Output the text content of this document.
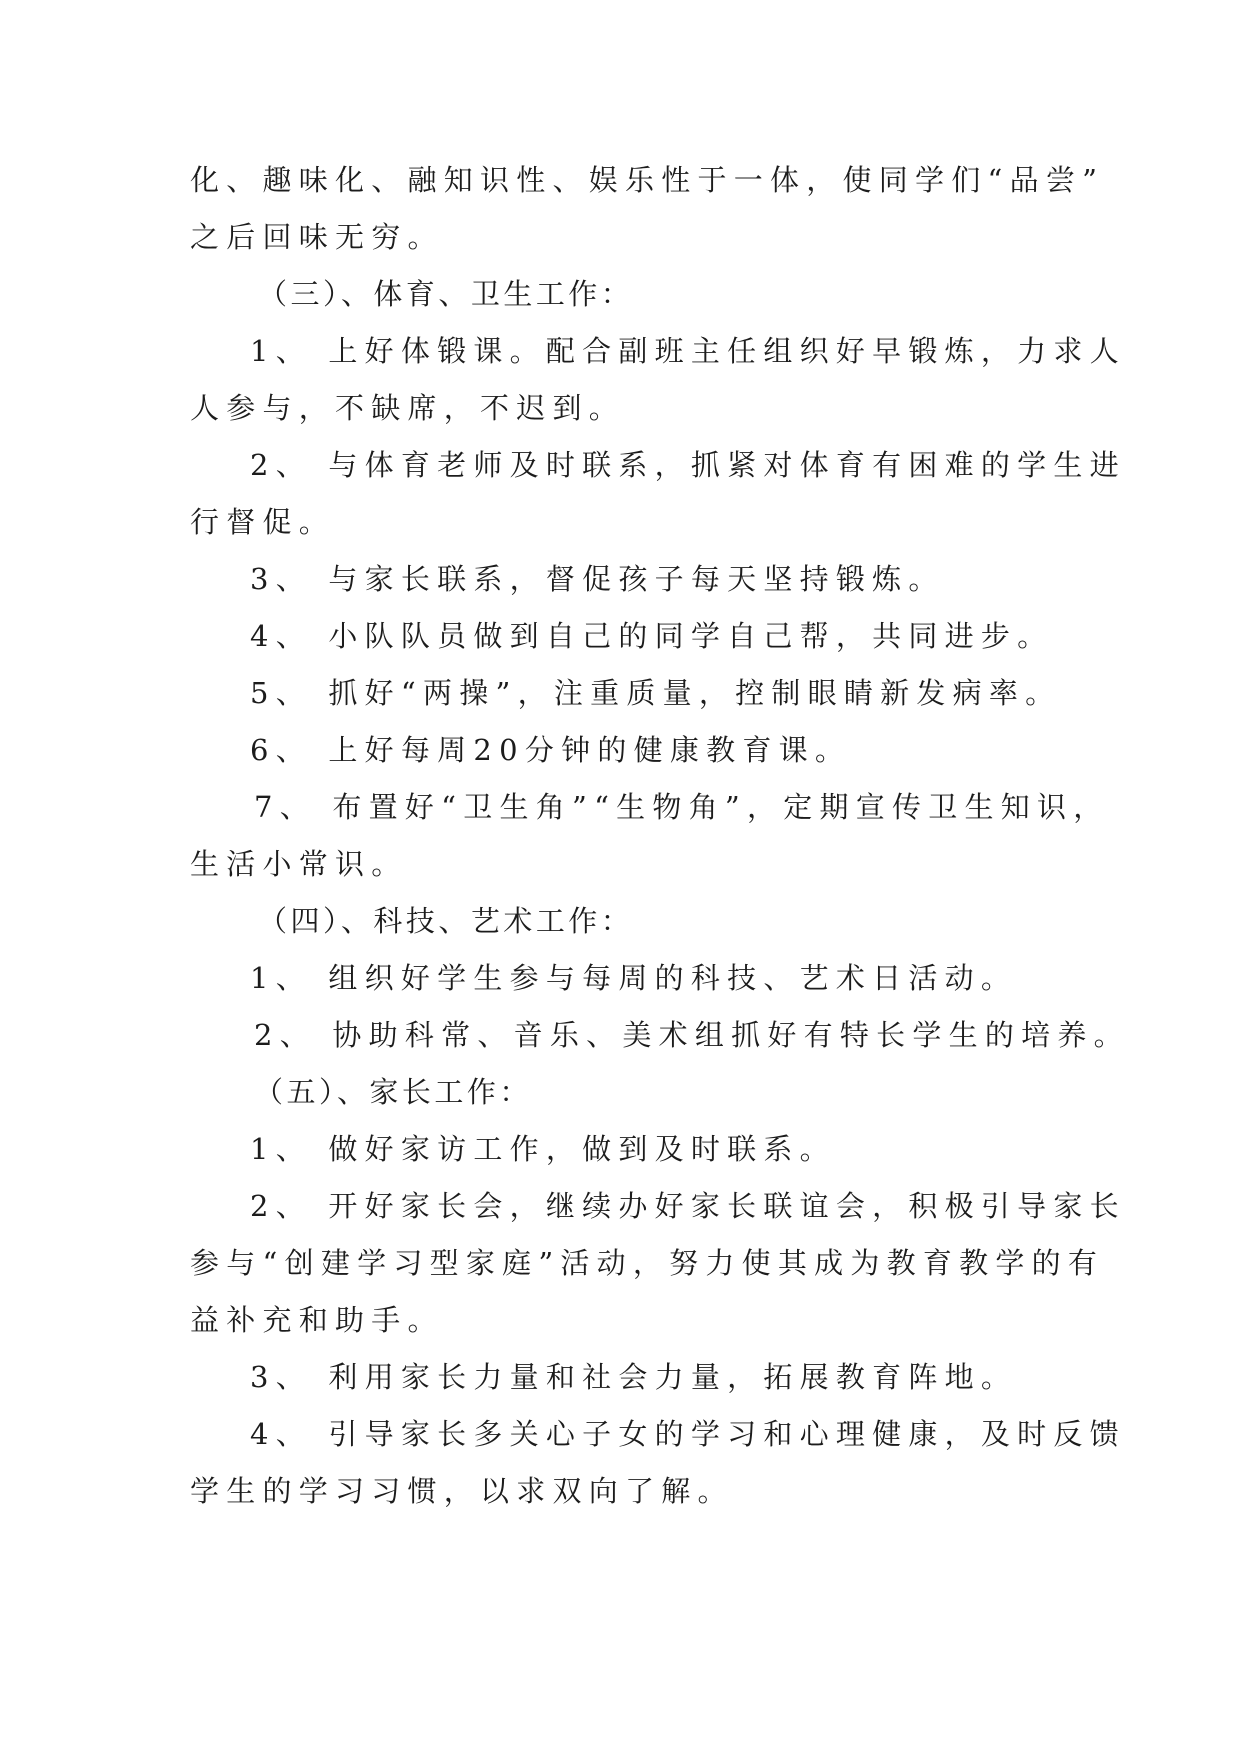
化、趣味化、融知识性、娱乐性于一体，使同学们“品尝”
之后回味无穷。
（三）、体育、卫生工作：
1、 上好体锻课。配合副班主任组织好早锻炼，力求人
人参与，不缺席，不迟到。
2、 与体育老师及时联系，抓紧对体育有困难的学生进
行督促。
3、 与家长联系，督促孩子每天坚持锻炼。
4、 小队队员做到自己的同学自己帮，共同进步。
5、 抓好“两操”，注重质量，控制眼睛新发病率。
6、 上好每周20分钟的健康教育课。
7、 布置好“卫生角”“生物角”，定期宣传卫生知识，
生活小常识。
（四）、科技、艺术工作：
1、 组织好学生参与每周的科技、艺术日活动。
2、 协助科常、音乐、美术组抓好有特长学生的培养。
（五）、家长工作：
1、 做好家访工作，做到及时联系。
2、 开好家长会，继续办好家长联谊会，积极引导家长
参与“创建学习型家庭”活动，努力使其成为教育教学的有
益补充和助手。
3、 利用家长力量和社会力量，拓展教育阵地。
4、 引导家长多关心子女的学习和心理健康，及时反馈
学生的学习习惯，以求双向了解。
